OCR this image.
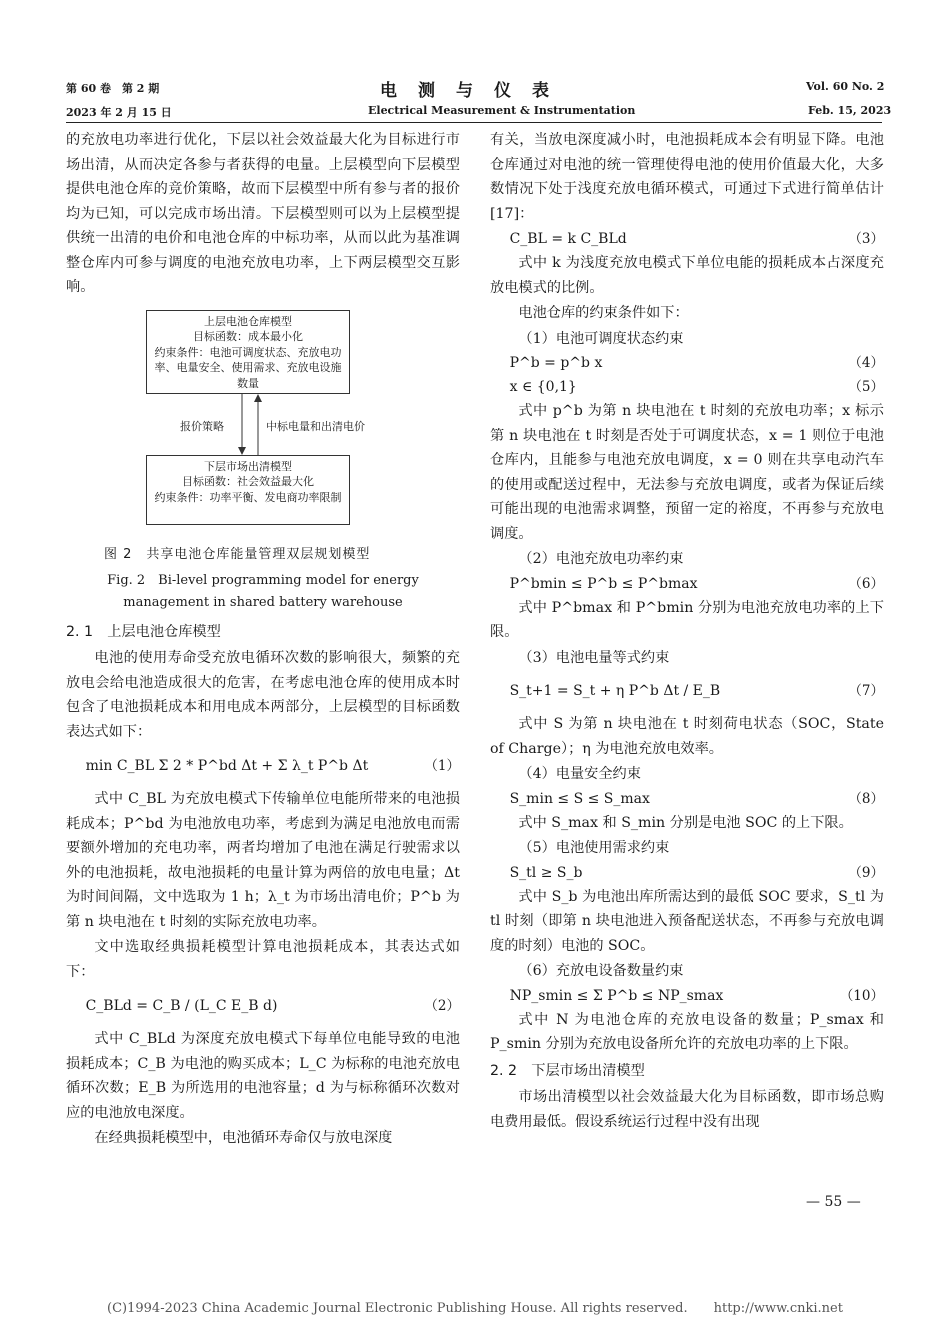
第 60 卷　第 2 期
2023 年 2 月 15 日
电　测　与　仪　表
Electrical Measurement & Instrumentation
Vol. 60 No. 2
Feb. 15, 2023

的充放电功率进行优化，下层以社会效益最大化为目标进行市场出清，从而决定各参与者获得的电量。上层模型向下层模型提供电池仓库的竞价策略，故而下层模型中所有参与者的报价均为已知，可以完成市场出清。下层模型则可以为上层模型提供统一出清的电价和电池仓库的中标功率，从而以此为基准调整仓库内可参与调度的电池充放电功率，上下两层模型交互影响。

上层电池仓库模型
目标函数：成本最小化
约束条件：电池可调度状态、充放电功率、电量安全、使用需求、充放电设施数量
报价策略	中标电量和出清电价
下层市场出清模型
目标函数：社会效益最大化
约束条件：功率平衡、发电商功率限制

图 2　共享电池仓库能量管理双层规划模型

Fig. 2　Bi-level programming model for energy

management in shared battery warehouse

2. 1　上层电池仓库模型

电池的使用寿命受充放电循环次数的影响很大，频繁的充放电会给电池造成很大的危害，在考虑电池仓库的使用成本时包含了电池损耗成本和用电成本两部分，上层模型的目标函数表达式如下：

min C_BL Σ 2 * P^bd Δt + Σ λ_t P^b Δt	（1）

式中 C_BL 为充放电模式下传输单位电能所带来的电池损耗成本；P^bd 为电池放电功率，考虑到为满足电池放电而需要额外增加的充电功率，两者均增加了电池在满足行驶需求以外的电池损耗，故电池损耗的电量计算为两倍的放电电量；Δt 为时间间隔，文中选取为 1 h；λ_t 为市场出清电价；P^b 为第 n 块电池在 t 时刻的实际充放电功率。

文中选取经典损耗模型计算电池损耗成本，其表达式如下：

C_BLd = C_B / (L_C E_B d)	（2）

式中 C_BLd 为深度充放电模式下每单位电能导致的电池损耗成本；C_B 为电池的购买成本；L_C 为标称的电池充放电循环次数；E_B 为所选用的电池容量；d 为与标称循环次数对应的电池放电深度。

在经典损耗模型中，电池循环寿命仅与放电深度

有关，当放电深度减小时，电池损耗成本会有明显下降。电池仓库通过对电池的统一管理使得电池的使用价值最大化，大多数情况下处于浅度充放电循环模式，可通过下式进行简单估计[17]：

C_BL = k C_BLd	（3）

式中 k 为浅度充放电模式下单位电能的损耗成本占深度充放电模式的比例。

电池仓库的约束条件如下：

（1）电池可调度状态约束

P^b = p^b x	（4）
x ∈ {0,1}	（5）

式中 p^b 为第 n 块电池在 t 时刻的充放电功率；x 标示第 n 块电池在 t 时刻是否处于可调度状态，x = 1 则位于电池仓库内，且能参与电池充放电调度，x = 0 则在共享电动汽车的使用或配送过程中，无法参与充放电调度，或者为保证后续可能出现的电池需求调整，预留一定的裕度，不再参与充放电调度。

（2）电池充放电功率约束

P^bmin ≤ P^b ≤ P^bmax	（6）

式中 P^bmax 和 P^bmin 分别为电池充放电功率的上下限。

（3）电池电量等式约束

S_t+1 = S_t + η P^b Δt / E_B	（7）

式中 S 为第 n 块电池在 t 时刻荷电状态（SOC，State of Charge）；η 为电池充放电效率。

（4）电量安全约束

S_min ≤ S ≤ S_max	（8）

式中 S_max 和 S_min 分别是电池 SOC 的上下限。

（5）电池使用需求约束

S_tl ≥ S_b	（9）

式中 S_b 为电池出库所需达到的最低 SOC 要求，S_tl 为 tl 时刻（即第 n 块电池进入预备配送状态，不再参与充放电调度的时刻）电池的 SOC。

（6）充放电设备数量约束

NP_smin ≤ Σ P^b ≤ NP_smax	（10）

式中 N 为电池仓库的充放电设备的数量；P_smax 和 P_smin 分别为充放电设备所允许的充放电功率的上下限。

2. 2　下层市场出清模型

市场出清模型以社会效益最大化为目标函数，即市场总购电费用最低。假设系统运行过程中没有出现

— 55 —
(C)1994-2023 China Academic Journal Electronic Publishing House. All rights reserved.　　http://www.cnki.net
